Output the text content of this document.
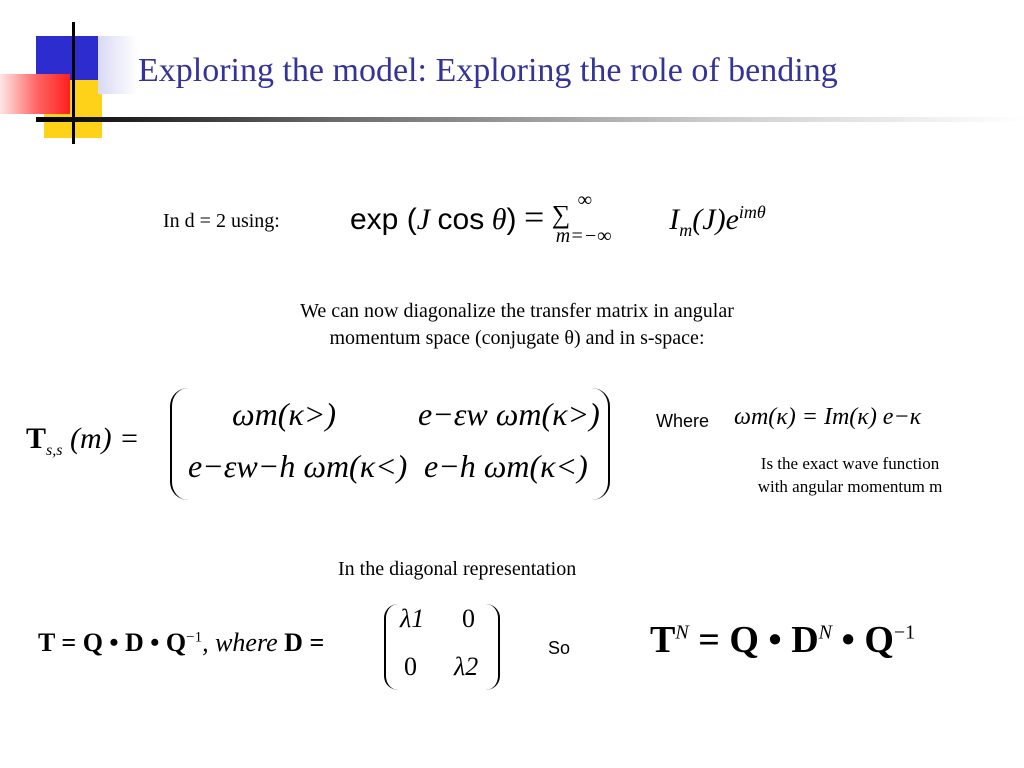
Exploring the model: Exploring the role of bending
In d = 2 using: exp (J cos θ) = ∑ ∞
m=−∞ $I_m(J)e^{im\theta}$
We can now diagonalize the transfer matrix in angular
momentum space (conjugate θ) and in s-space:
$T_{s,s}$ (m) =
ωm(κ>)	e−εw ωm(κ>)
e−εw−h ωm(κ<) e−h ωm(κ<)
Where ωm(κ) = Im(κ) e−κ
Is the exact wave function
with angular momentum m
In the diagonal representation
T = Q • D • $Q^{-1}$, where D =
λ1 0
0 λ2
So $T^N = Q$ • $D^N$ • $Q^{-1}$
